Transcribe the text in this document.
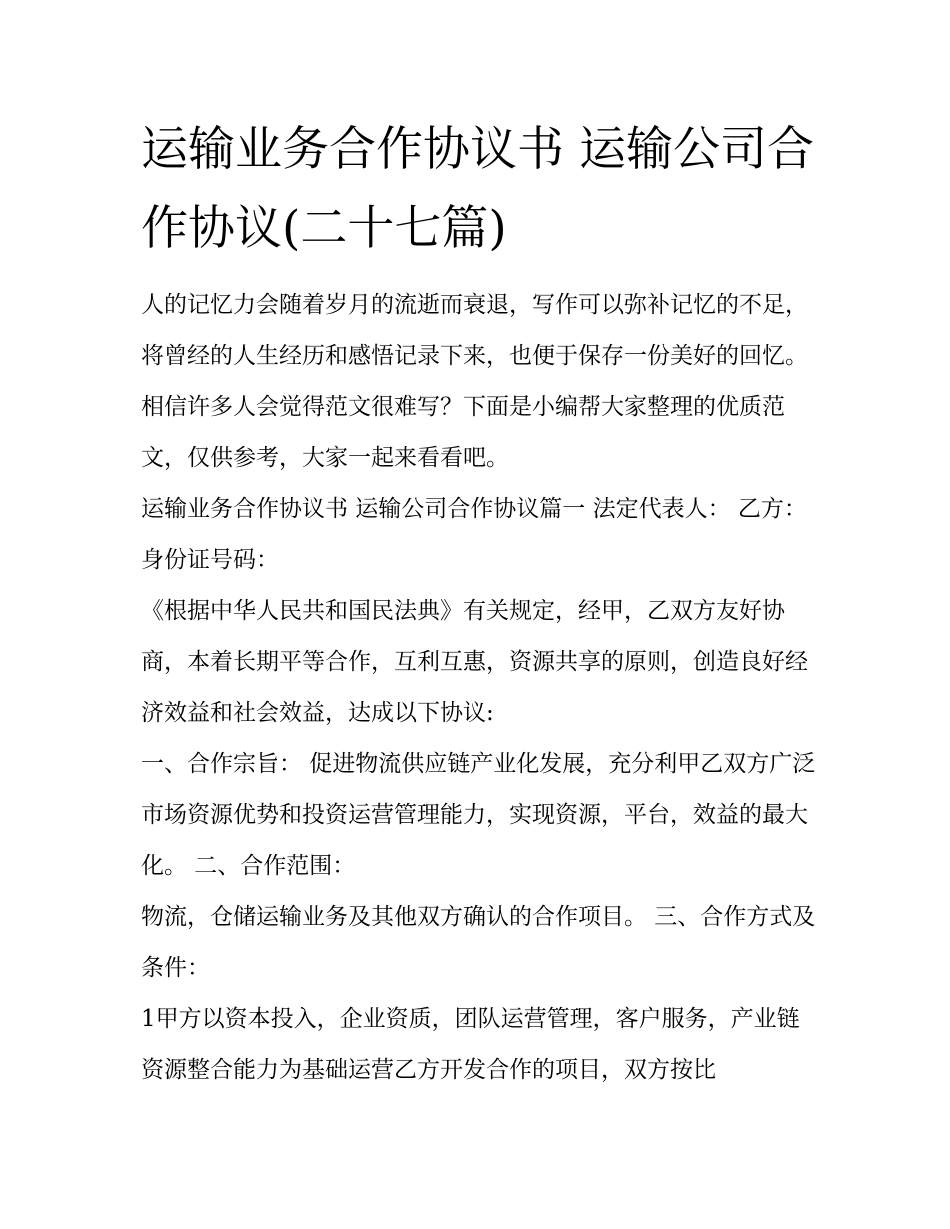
运输业务合作协议书 运输公司合作协议(二十七篇)

人的记忆力会随着岁月的流逝而衰退，写作可以弥补记忆的不足，将曾经的人生经历和感悟记录下来，也便于保存一份美好的回忆。相信许多人会觉得范文很难写？下面是小编帮大家整理的优质范文，仅供参考，大家一起来看看吧。

运输业务合作协议书 运输公司合作协议篇一 法定代表人： 乙方： 身份证号码：

《根据中华人民共和国民法典》有关规定，经甲，乙双方友好协商，本着长期平等合作，互利互惠，资源共享的原则，创造良好经济效益和社会效益，达成以下协议:

一、合作宗旨： 促进物流供应链产业化发展，充分利甲乙双方广泛市场资源优势和投资运营管理能力，实现资源，平台，效益的最大化。 二、合作范围：

物流，仓储运输业务及其他双方确认的合作项目。 三、合作方式及条件：

1甲方以资本投入，企业资质，团队运营管理，客户服务，产业链资源整合能力为基础运营乙方开发合作的项目，双方按比
